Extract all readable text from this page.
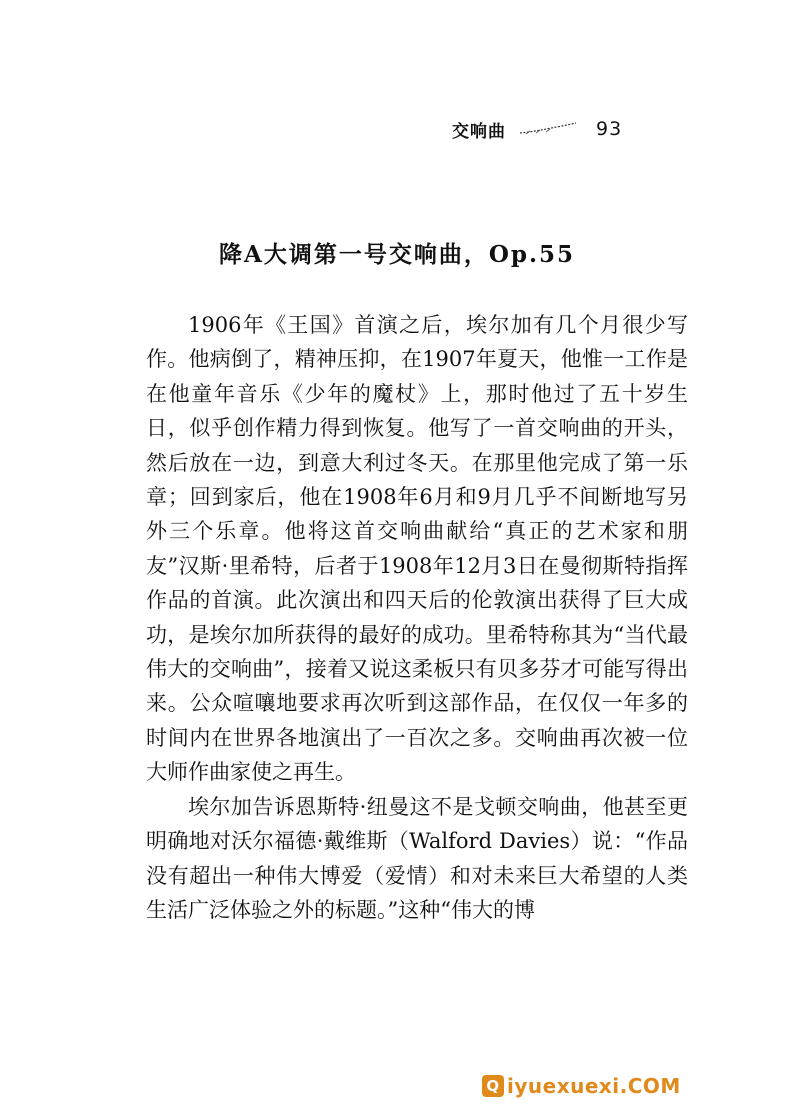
交响曲	93
降A大调第一号交响曲，Op.55

1906年《王国》首演之后，埃尔加有几个月很少写作。他病倒了，精神压抑，在1907年夏天，他惟一工作是在他童年音乐《少年的魔杖》上，那时他过了五十岁生日，似乎创作精力得到恢复。他写了一首交响曲的开头，然后放在一边，到意大利过冬天。在那里他完成了第一乐章；回到家后，他在1908年6月和9月几乎不间断地写另外三个乐章。他将这首交响曲献给“真正的艺术家和朋友”汉斯·里希特，后者于1908年12月3日在曼彻斯特指挥作品的首演。此次演出和四天后的伦敦演出获得了巨大成功，是埃尔加所获得的最好的成功。里希特称其为“当代最伟大的交响曲”，接着又说这柔板只有贝多芬才可能写得出来。公众喧嚷地要求再次听到这部作品，在仅仅一年多的时间内在世界各地演出了一百次之多。交响曲再次被一位大师作曲家使之再生。

埃尔加告诉恩斯特·纽曼这不是戈顿交响曲，他甚至更明确地对沃尔福德·戴维斯（Walford Davies）说：“作品没有超出一种伟大博爱（爱情）和对未来巨大希望的人类生活广泛体验之外的标题。”这种“伟大的博

Q iyuexuexi.COM
